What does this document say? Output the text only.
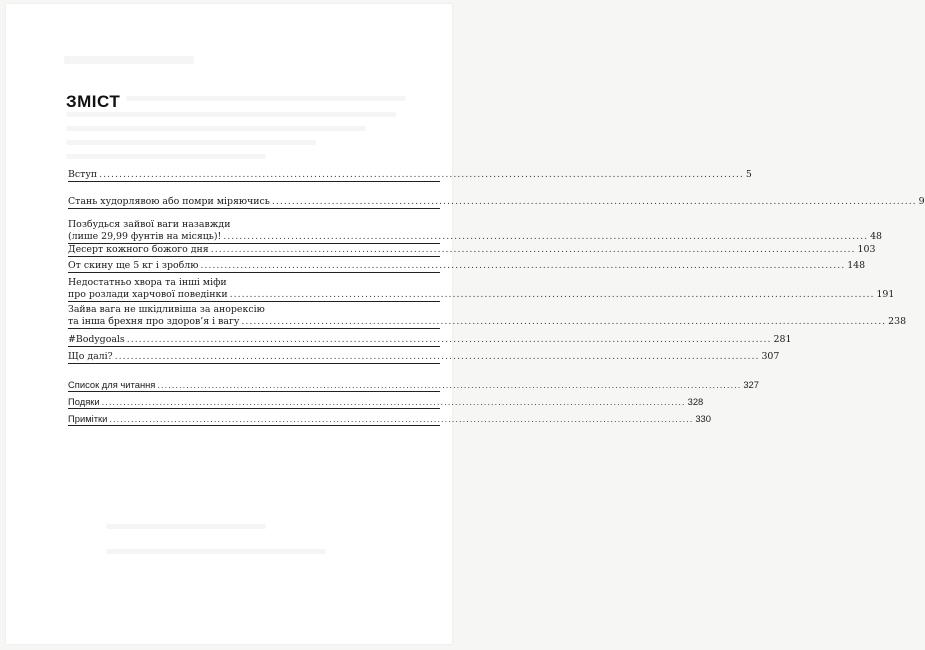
ЗМІСТ
Вступ .................................................................................................................................................................. 5
Стань худорлявою або помри міряючись .................................................................................................................................................................. 9
Позбудься зайвої ваги назавжди
(лише 29,99 фунтів на місяць)! .................................................................................................................................................................. 48
Десерт кожного божого дня .................................................................................................................................................................. 103
От скину ще 5 кг і зроблю .................................................................................................................................................................. 148
Недостатньо хвора та інші міфи
про розлади харчової поведінки .................................................................................................................................................................. 191
Зайва вага не шкідливіша за анорексію
та інша брехня про здоров’я і вагу .................................................................................................................................................................. 238
#Bodygoals .................................................................................................................................................................. 281
Що далі? .................................................................................................................................................................. 307
Список для читання .................................................................................................................................................................. 327
Подяки .................................................................................................................................................................. 328
Примітки .................................................................................................................................................................. 330
